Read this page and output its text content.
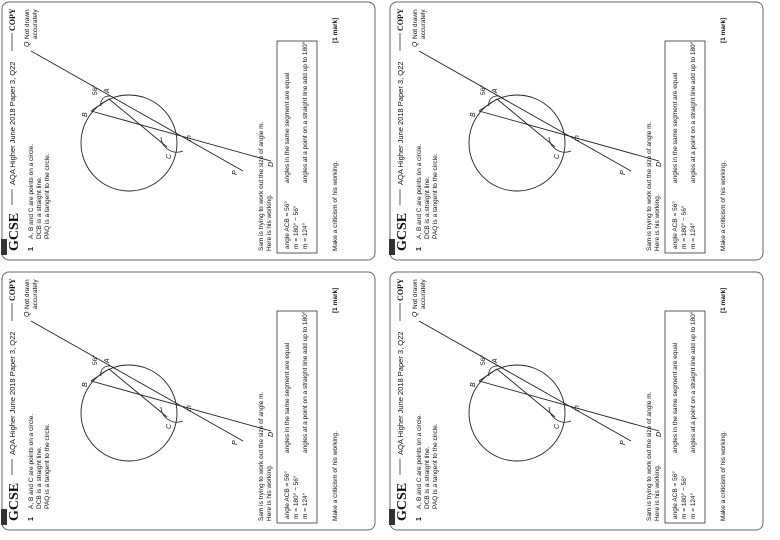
GCSE
AQA Higher June 2018 Paper 3, Q22
COPY
1
A, B and C are points on a circle. DCB is a straight line. PAQ is a tangent to the circle.
Not drawn accurately
Q
B
A
56°
P
C
D
m	Sam is trying to work out the size of angle m. Here is his working. angle ACB = 56° m = 180° − 56° m = 124°
angles in the same segment are equal angles at a point on a straight line add up to 180°
Make a criticism of his working.
[1 mark]
GCSE
AQA Higher June 2018 Paper 3, Q22
COPY
1
A, B and C are points on a circle. DCB is a straight line. PAQ is a tangent to the circle.
Not drawn accurately
Q
B
A
56°
P
C
D
m	Sam is trying to work out the size of angle m. Here is his working. angle ACB = 56° m = 180° − 56° m = 124°
angles in the same segment are equal angles at a point on a straight line add up to 180°
Make a criticism of his working.
[1 mark]
GCSE
AQA Higher June 2018 Paper 3, Q22
COPY
1
A, B and C are points on a circle. DCB is a straight line. PAQ is a tangent to the circle.
Not drawn accurately
Q
B
A
56°
P
C
D
m	Sam is trying to work out the size of angle m. Here is his working. angle ACB = 56° m = 180° − 56° m = 124°
angles in the same segment are equal angles at a point on a straight line add up to 180°
Make a criticism of his working.
[1 mark]
GCSE
AQA Higher June 2018 Paper 3, Q22
COPY
1
A, B and C are points on a circle. DCB is a straight line. PAQ is a tangent to the circle.
Not drawn accurately
Q
B
A
56°
P
C
D
m	Sam is trying to work out the size of angle m. Here is his working. angle ACB = 56° m = 180° − 56° m = 124°
angles in the same segment are equal angles at a point on a straight line add up to 180°
Make a criticism of his working.
[1 mark]
